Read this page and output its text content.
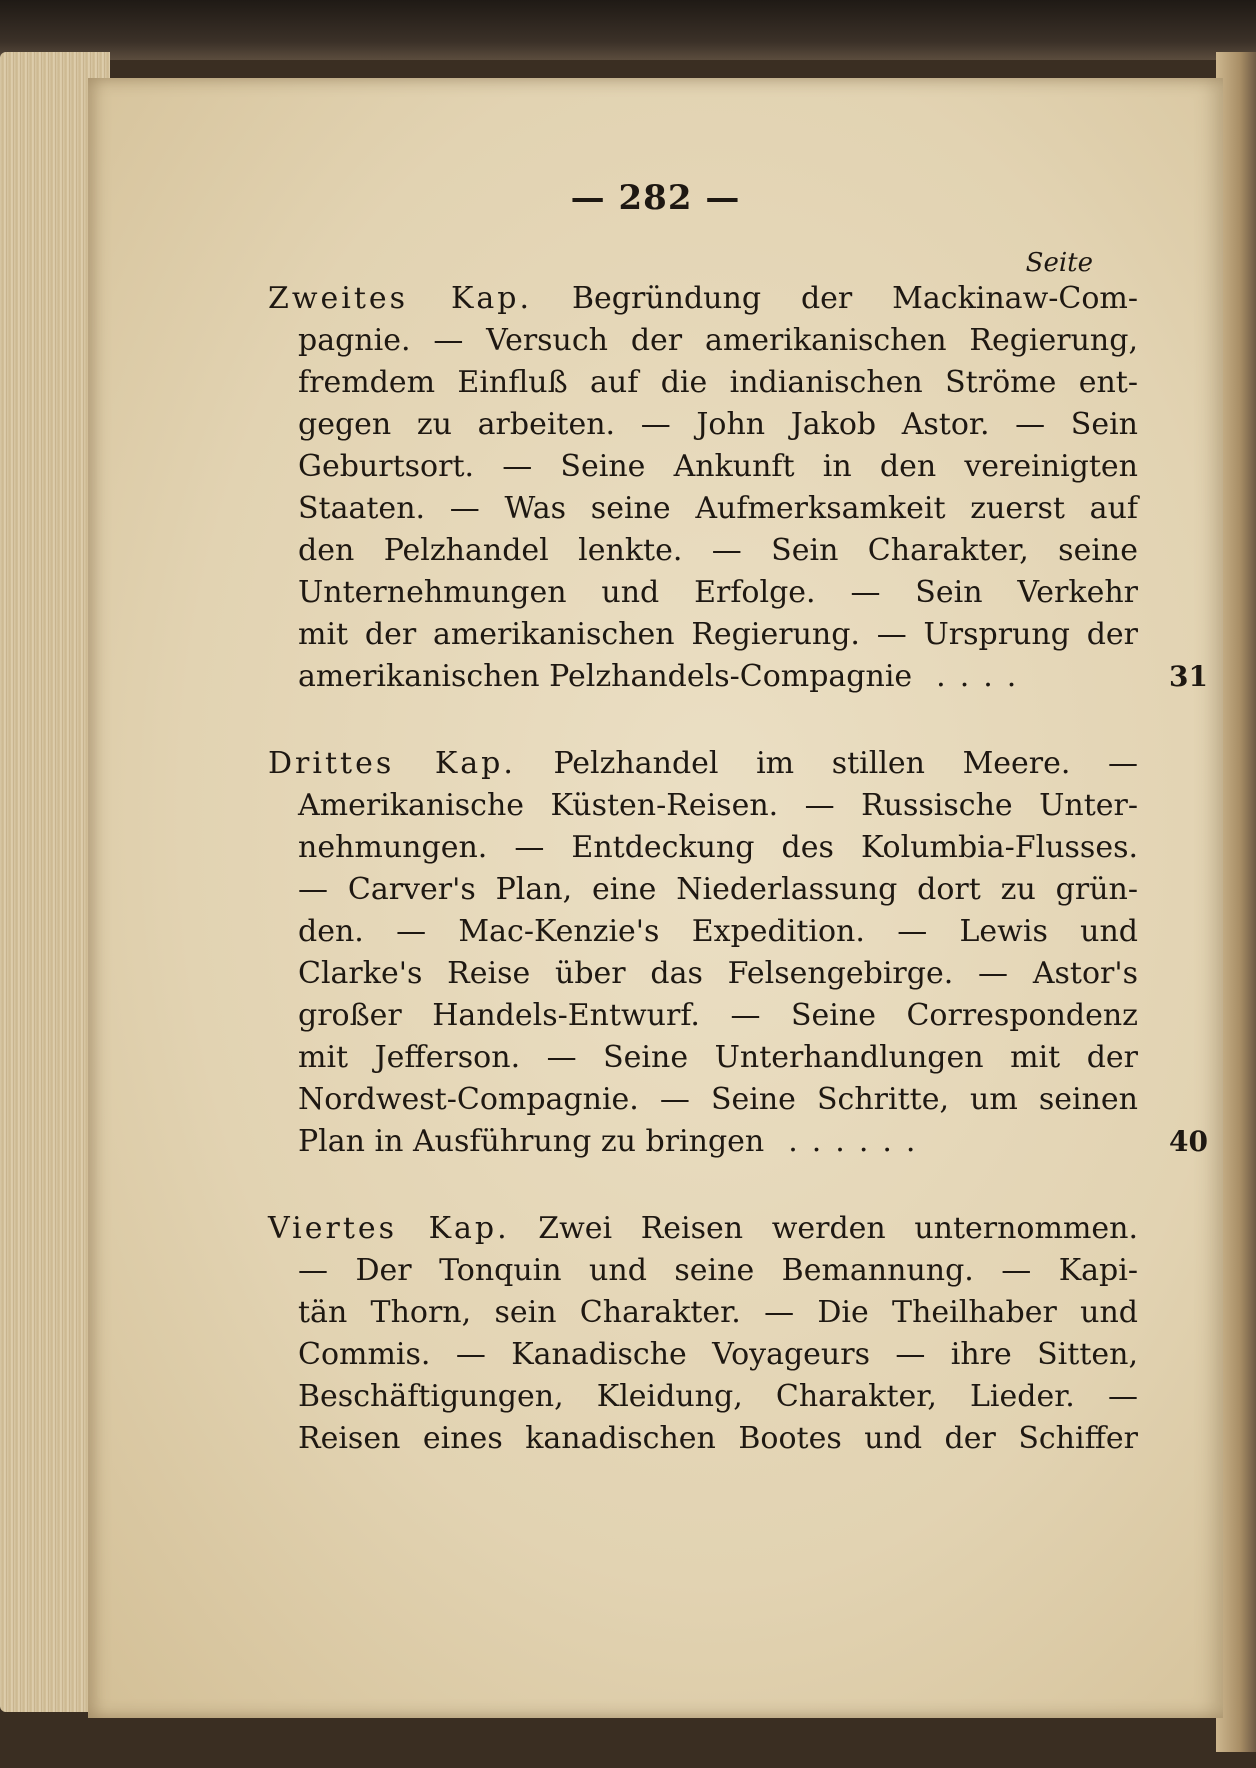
— 282 —
Seite
Zweites Kap. Begründung der Mackinaw-Com-
pagnie. — Versuch der amerikanischen Regierung,
fremdem Einfluß auf die indianischen Ströme ent-
gegen zu arbeiten. — John Jakob Astor. — Sein
Geburtsort. — Seine Ankunft in den vereinigten
Staaten. — Was seine Aufmerksamkeit zuerst auf
den Pelzhandel lenkte. — Sein Charakter, seine
Unternehmungen und Erfolge. — Sein Verkehr
mit der amerikanischen Regierung. — Ursprung der
amerikanischen Pelzhandels-Compagnie ....	31
Drittes Kap. Pelzhandel im stillen Meere. —
Amerikanische Küsten-Reisen. — Russische Unter-
nehmungen. — Entdeckung des Kolumbia-Flusses.
— Carver's Plan, eine Niederlassung dort zu grün-
den. — Mac-Kenzie's Expedition. — Lewis und
Clarke's Reise über das Felsengebirge. — Astor's
großer Handels-Entwurf. — Seine Correspondenz
mit Jefferson. — Seine Unterhandlungen mit der
Nordwest-Compagnie. — Seine Schritte, um seinen
Plan in Ausführung zu bringen ......	40
Viertes Kap. Zwei Reisen werden unternommen.
— Der Tonquin und seine Bemannung. — Kapi-
tän Thorn, sein Charakter. — Die Theilhaber und
Commis. — Kanadische Voyageurs — ihre Sitten,
Beschäftigungen, Kleidung, Charakter, Lieder. —
Reisen eines kanadischen Bootes und der Schiffer
